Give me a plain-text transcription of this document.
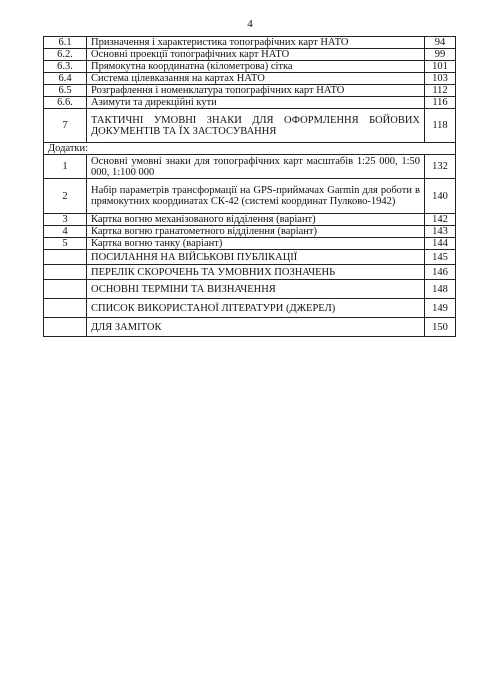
4
6.1	Призначення і характеристика топографічних карт НАТО	94
6.2.	Основні проекції топографічних карт НАТО	99
6.3.	Прямокутна координатна (кілометрова) сітка	101
6.4	Система цілевказання на картах НАТО	103
6.5	Розграфлення і номенклатура топографічних карт НАТО	112
6.6.	Азимути та дирекційні кути	116
7	ТАКТИЧНІ УМОВНІ ЗНАКИ ДЛЯ ОФОРМЛЕННЯ БОЙОВИХ ДОКУМЕНТІВ ТА ЇХ ЗАСТОСУВАННЯ	118
Додатки:		
1	Основні умовні знаки для топографічних карт масштабів 1:25 000, 1:50 000, 1:100 000	132
2	Набір параметрів трансформації на GPS-приймачах Garmin для роботи в прямокутних координатах СК-42 (системі координат Пулково-1942)	140
3	Картка вогню механізованого відділення (варіант)	142
4	Картка вогню гранатометного відділення (варіант)	143
5	Картка вогню танку (варіант)	144
	ПОСИЛАННЯ НА ВІЙСЬКОВІ ПУБЛІКАЦІЇ	145
	ПЕРЕЛІК СКОРОЧЕНЬ ТА УМОВНИХ ПОЗНАЧЕНЬ	146
	ОСНОВНІ ТЕРМІНИ ТА ВИЗНАЧЕННЯ	148
	СПИСОК ВИКОРИСТАНОЇ ЛІТЕРАТУРИ (ДЖЕРЕЛ)	149
	ДЛЯ ЗАМІТОК	150
